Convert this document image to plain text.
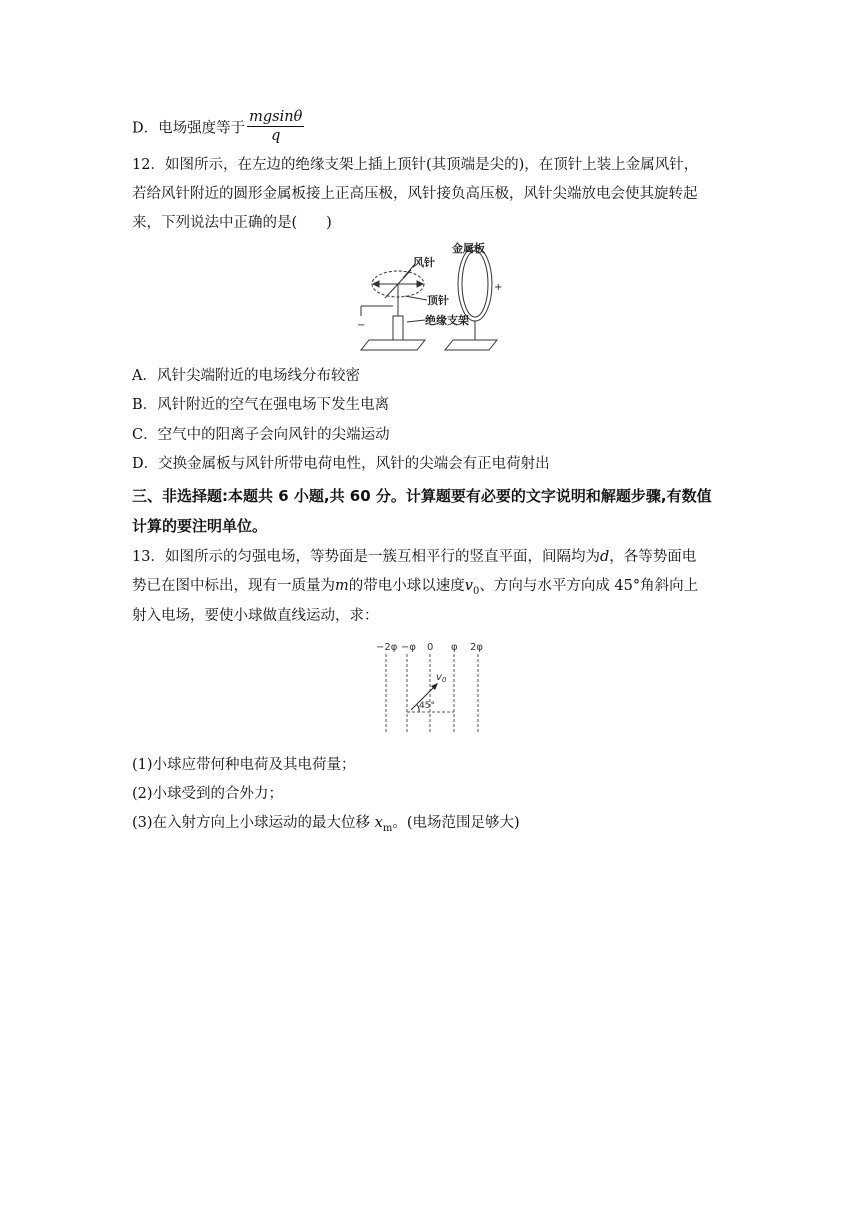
D．电场强度等于 $\frac{mgsin\theta}{q}$
12．如图所示，在左边的绝缘支架上插上顶针(其顶端是尖的)，在顶针上装上金属风针，
若给风针附近的圆形金属板接上正高压极，风针接负高压极，风针尖端放电会使其旋转起
来，下列说法中正确的是(　　)
风针
金属板
顶针
绝缘支架
+
−
A．风针尖端附近的电场线分布较密
B．风针附近的空气在强电场下发生电离
C．空气中的阳离子会向风针的尖端运动
D．交换金属板与风针所带电荷电性，风针的尖端会有正电荷射出
三、非选择题:本题共 6 小题,共 60 分。计算题要有必要的文字说明和解题步骤,有数值
计算的要注明单位。
13．如图所示的匀强电场，等势面是一簇互相平行的竖直平面，间隔均为d，各等势面电
势已在图中标出，现有一质量为m的带电小球以速度$v_0$、方向与水平方向成 45°角斜向上
射入电场，要使小球做直线运动，求：
−2φ −φ 0 φ 2φ
$v_0$
45°
(1)小球应带何种电荷及其电荷量；
(2)小球受到的合外力；
(3)在入射方向上小球运动的最大位移 $x_m$。(电场范围足够大)
